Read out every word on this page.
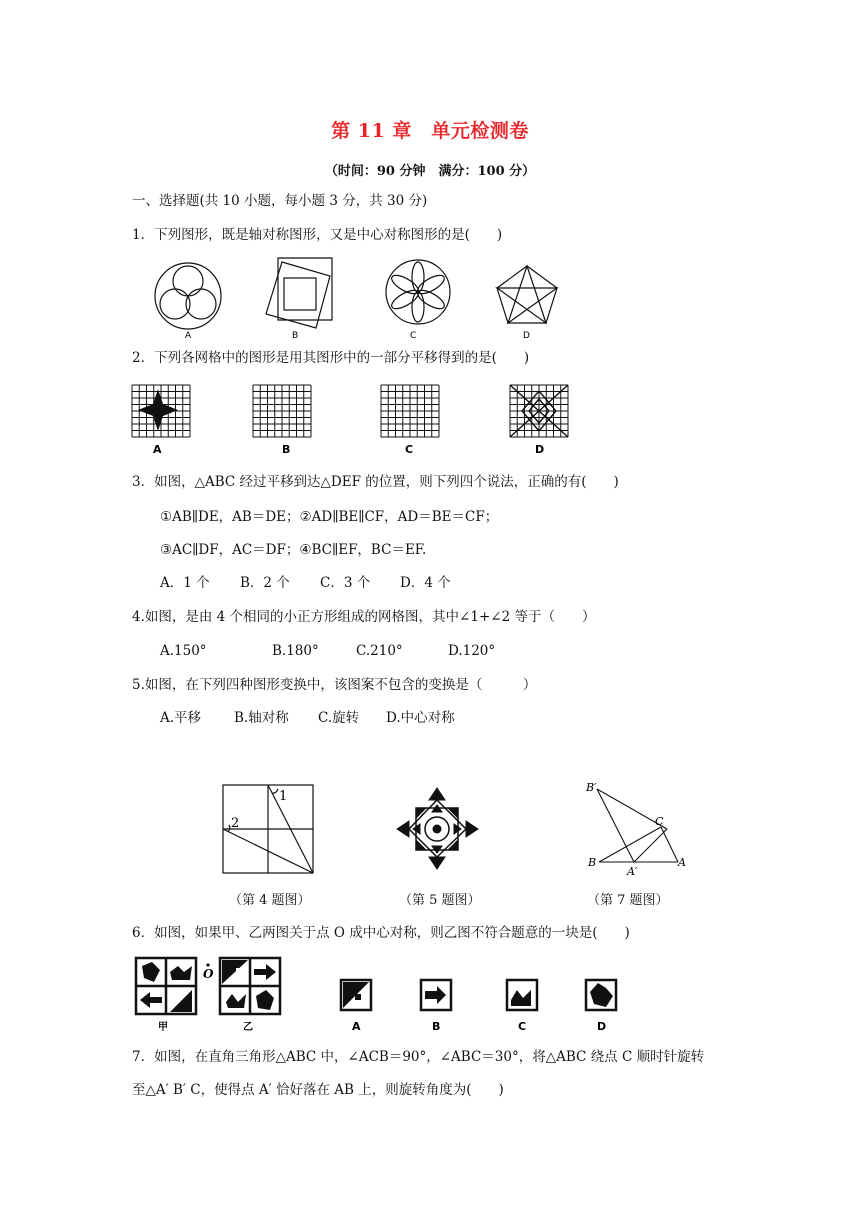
第 11 章　单元检测卷
（时间：90 分钟　满分：100 分）
一、选择题(共 10 小题，每小题 3 分，共 30 分)
1．下列图形，既是轴对称图形，又是中心对称图形的是(　　)
A	B	C	D
2．下列各网格中的图形是用其图形中的一部分平移得到的是(　　)
A	B	C	D
3．如图，△ABC 经过平移到达△DEF 的位置，则下列四个说法，正确的有(　　)
①AB∥DE，AB＝DE；②AD∥BE∥CF，AD＝BE＝CF；
③AC∥DF，AC＝DF；④BC∥EF，BC＝EF.
A．1 个 B．2 个 C．3 个 D．4 个
4.如图，是由 4 个相同的小正方形组成的网格图，其中∠1+∠2 等于（　　）
A.150°	B.180°	C.210°	D.120°
5.如图，在下列四种图形变换中，该图案不包含的变换是（　　　）
A.平移 B.轴对称 C.旋转 D.中心对称
1
2
B′
C
B
A′
A
（第 4 题图）	（第 5 题图）	（第 7 题图）
6．如图，如果甲、乙两图关于点 O 成中心对称，则乙图不符合题意的一块是(　　)
O
甲	乙	A	B	C	D
7．如图，在直角三角形△ABC 中，∠ACB＝90°，∠ABC＝30°，将△ABC 绕点 C 顺时针旋转
至△A′ B′ C，使得点 A′ 恰好落在 AB 上，则旋转角度为(　　)
